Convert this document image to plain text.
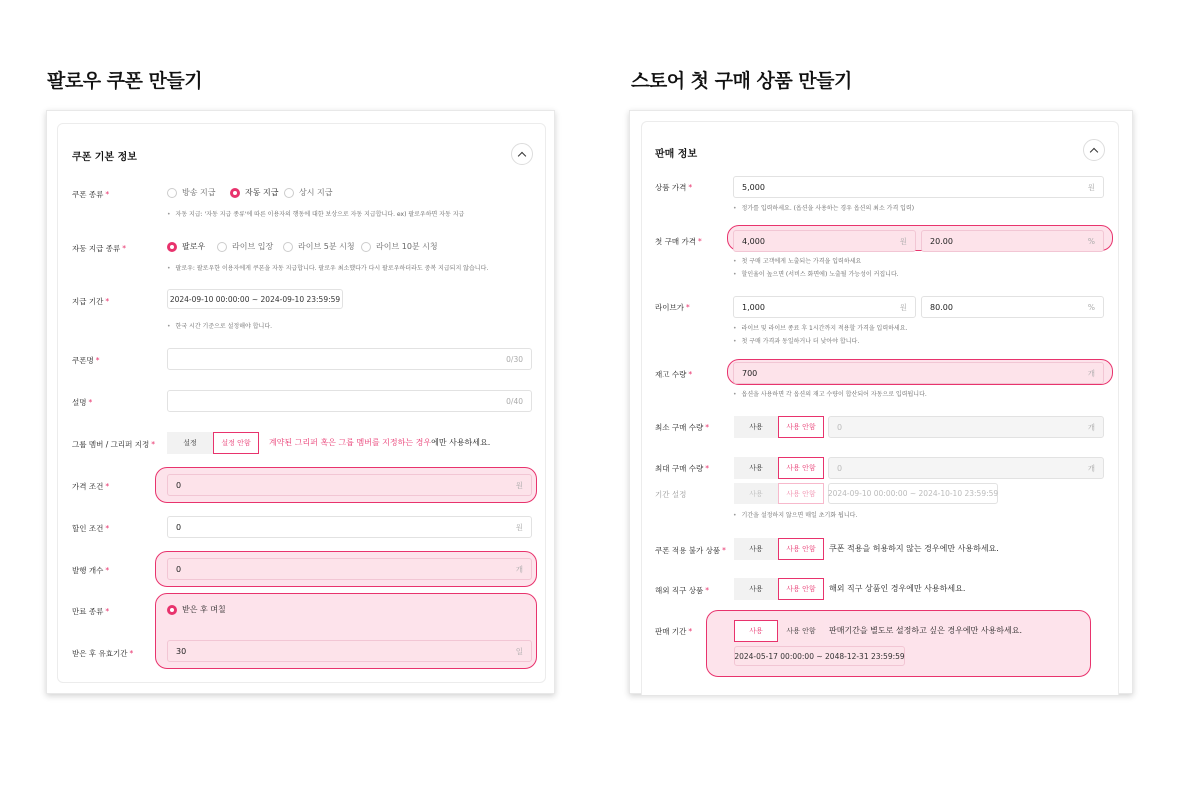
팔로우 쿠폰 만들기
쿠폰 기본 정보
쿠폰 종류 *	방송 지급	자동 지급	상시 지급
• 자동 지급: '자동 지급 종류'에 따른 이용자의 행동에 대한 보상으로 자동 지급합니다. ex) 팔로우하면 자동 지급
자동 지급 종류 *	팔로우	라이브 입장	라이브 5분 시청	라이브 10분 시청
• 팔로우: 팔로우한 이용자에게 쿠폰을 자동 지급합니다. 팔로우 최소했다가 다시 팔로우하더라도 중복 지급되지 않습니다.
지급 기간 *	2024-09-10 00:00:00 ~ 2024-09-10 23:59:59
• 한국 시간 기준으로 설정해야 합니다.
쿠폰명 *	0/30
설명 *	0/40
그룹 멤버 / 그리퍼 지정 *	설정	설정 안함	계약된 그리퍼 혹은 그룹 멤버를 지정하는 경우에만 사용하세요.
가격 조건 *	0	원
할인 조건 *	0	원
발행 개수 *	0	개
만료 종류 *	받은 후 며칠
받은 후 유효기간 *	30	일
스토어 첫 구매 상품 만들기
판매 정보
상품 가격 *	5,000	원
• 정가를 입력하세요. (옵션을 사용하는 경우 옵션의 최소 가격 입력)
첫 구매 가격 *	4,000	원	20.00	%
• 첫 구매 고객에게 노출되는 가격을 입력하세요
• 할인율이 높으면 (서비스 화면에) 노출될 가능성이 커집니다.
라이브가 *	1,000	원	80.00	%
• 라이브 및 라이브 종료 후 1시간까지 적용할 가격을 입력하세요.
• 첫 구매 가격과 동일하거나 더 낮아야 합니다.
재고 수량 *	700	개
• 옵션을 사용하면 각 옵션의 재고 수량이 합산되어 자동으로 입력됩니다.
최소 구매 수량 *	사용	사용 안함	0	개
최대 구매 수량 *	사용	사용 안함	0	개
기간 설정	사용	사용 안함	2024-09-10 00:00:00 ~ 2024-10-10 23:59:59
• 기간을 설정하지 않으면 매일 초기화 됩니다.
쿠폰 적용 불가 상품 *	사용	사용 안함	쿠폰 적용을 허용하지 않는 경우에만 사용하세요.
해외 직구 상품 *	사용	사용 안함	해외 직구 상품인 경우에만 사용하세요.
판매 기간 *	사용	사용 안함	판매기간을 별도로 설정하고 싶은 경우에만 사용하세요.
2024-05-17 00:00:00 ~ 2048-12-31 23:59:59
